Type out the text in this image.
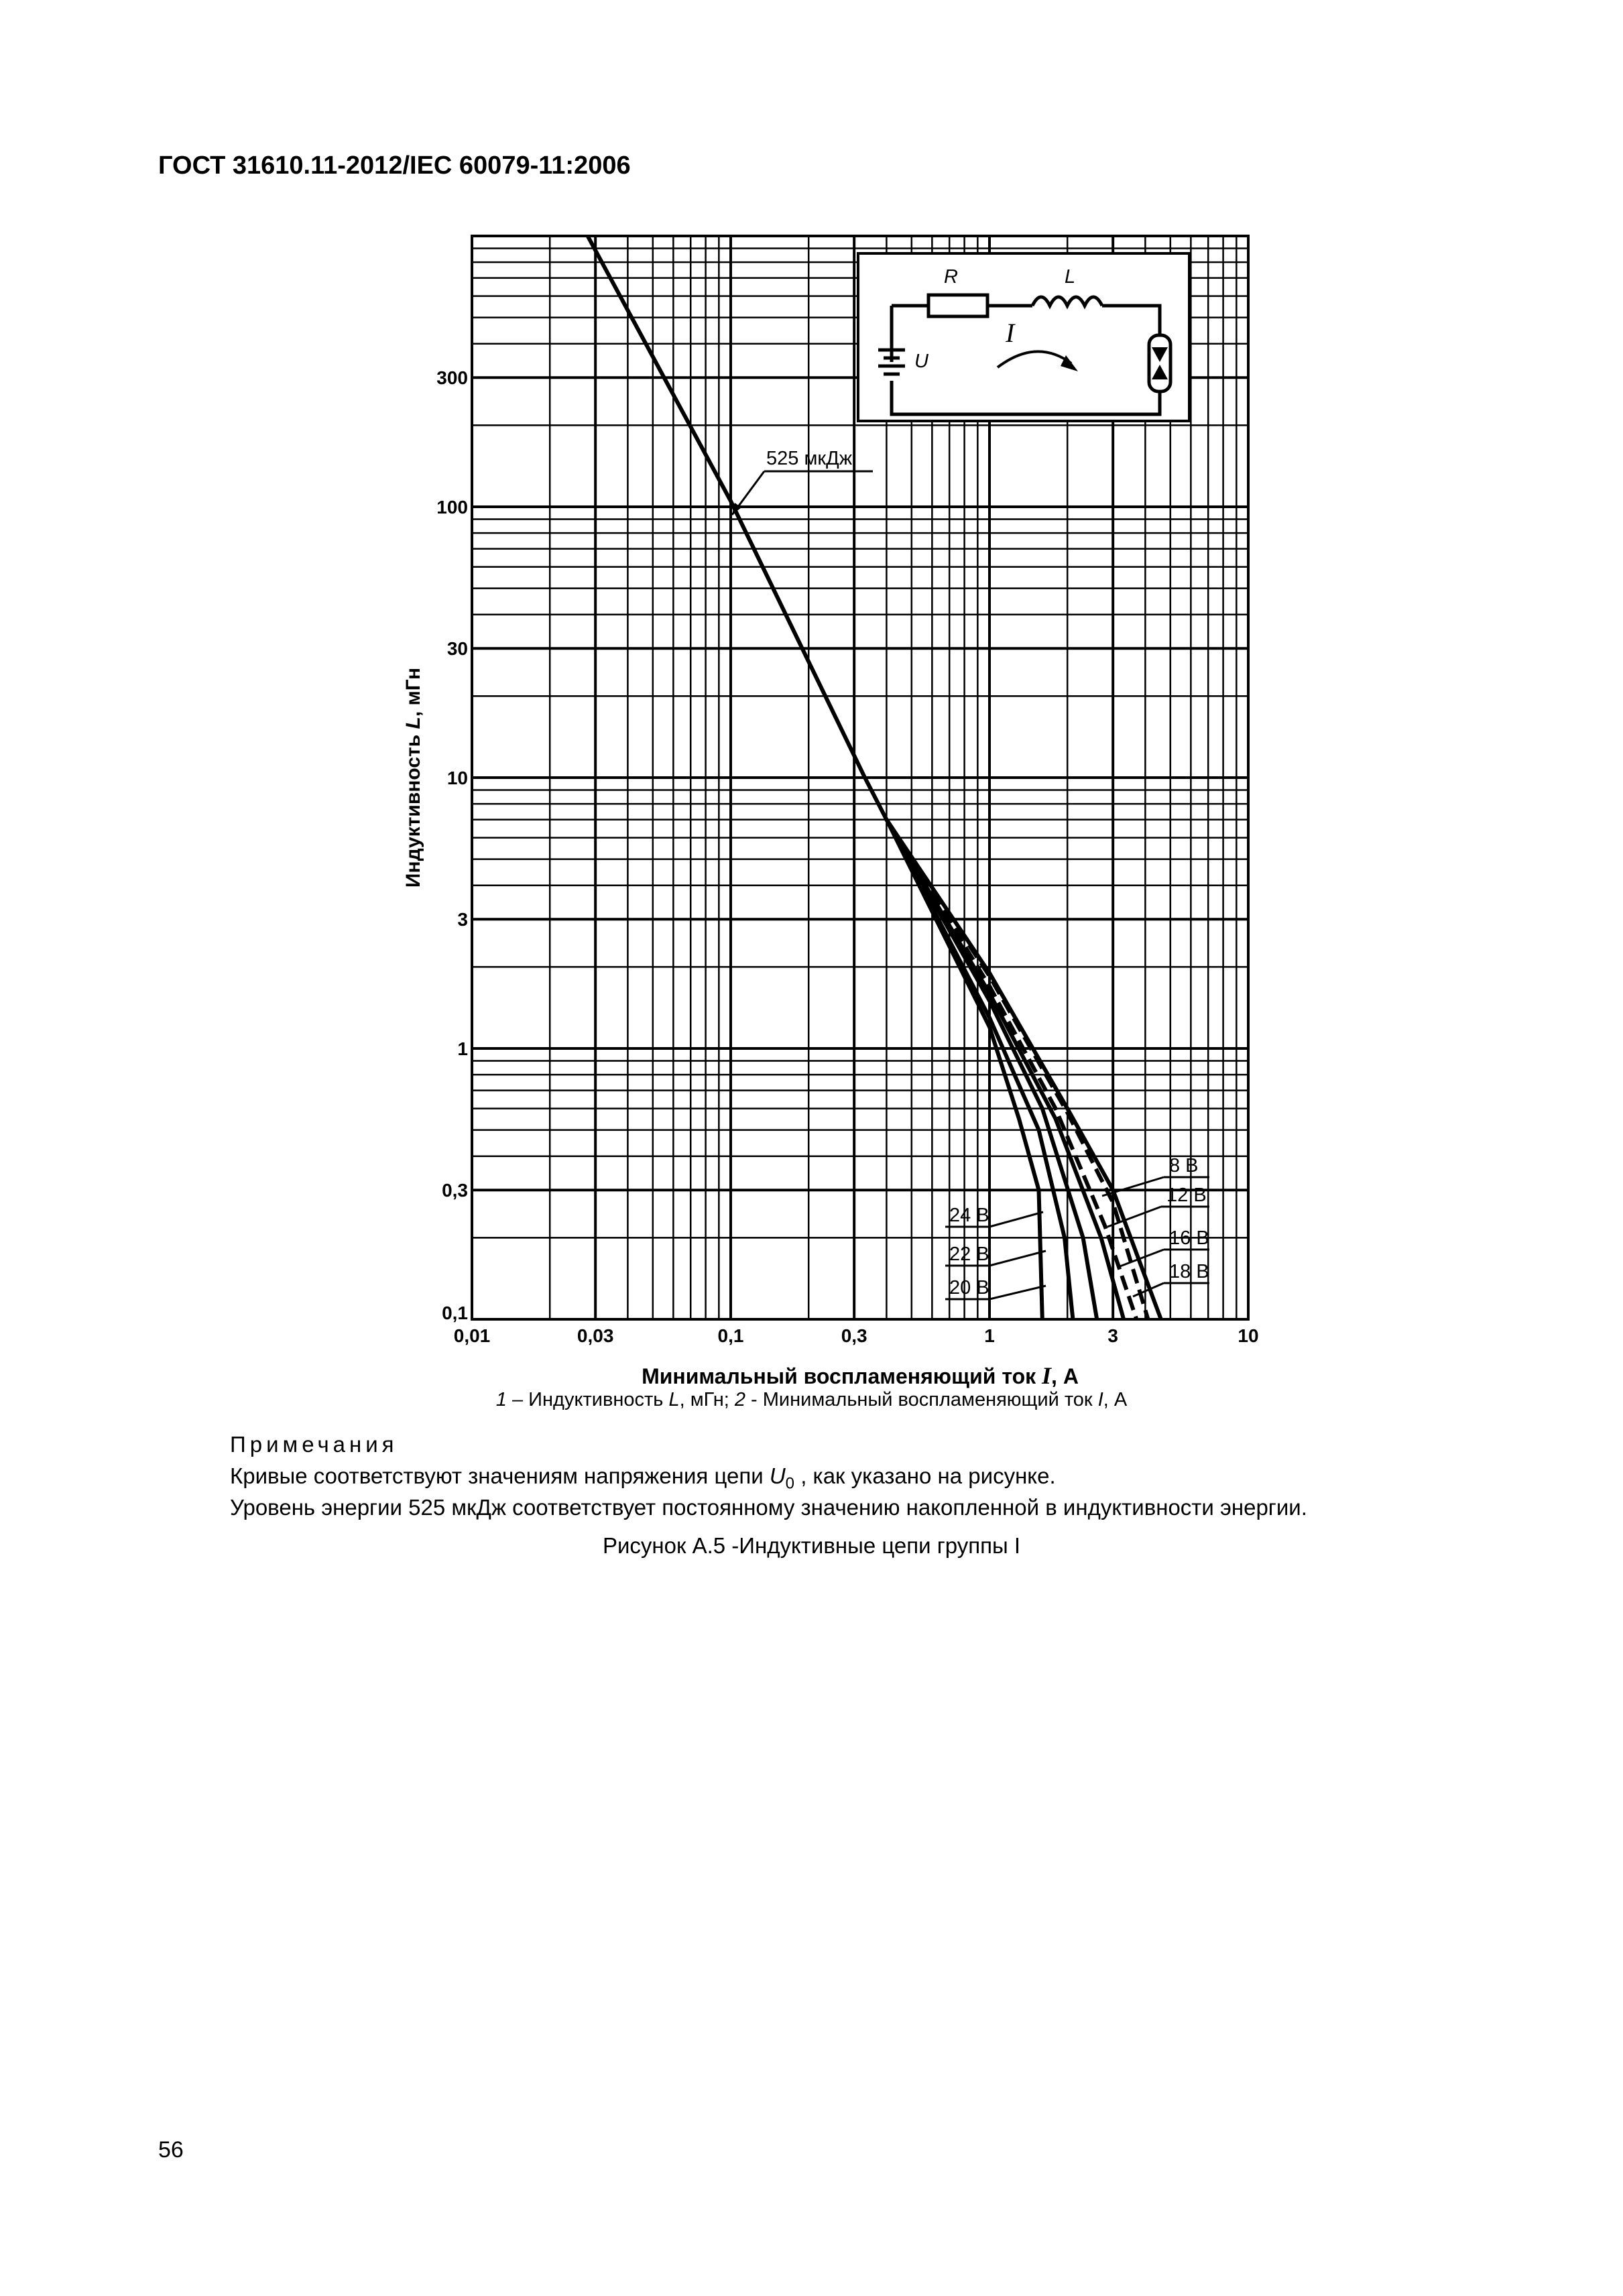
ГОСТ 31610.11-2012/IEC 60079-11:2006
0,01	0,03	0,1	0,3	1	3	10
0,1
0,3
1
3
10
30
100
300
R	L
I
U
525 мкДж
8 В
12 В
16 В
18 В
24 В
22 В
20 В
Индуктивность L, мГн
Минимальный воспламеняющий ток I, А
1 – Индуктивность L, мГн; 2 - Минимальный воспламеняющий ток I, А
Примечания
Кривые соответствуют значениям напряжения цепи $U_0$ , как указано на рисунке.
Уровень энергии 525 мкДж соответствует постоянному значению накопленной в индуктивности энергии.
Рисунок А.5 -Индуктивные цепи группы I
56
